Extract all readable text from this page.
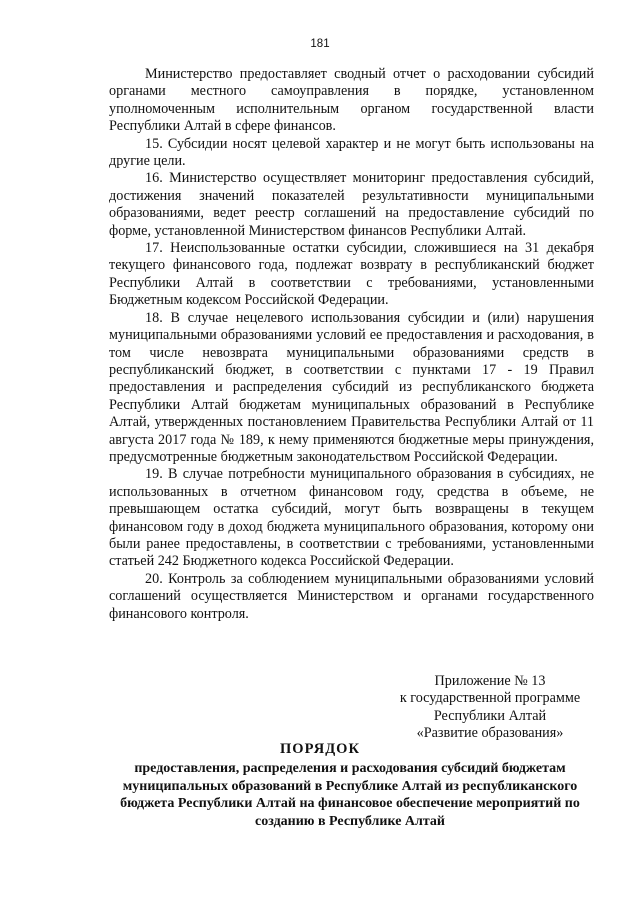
181

Министерство предоставляет сводный отчет о расходовании субсидий органами местного самоуправления в порядке, установленном уполномоченным исполнительным органом государственной власти Республики Алтай в сфере финансов.

15. Субсидии носят целевой характер и не могут быть использованы на другие цели.

16. Министерство осуществляет мониторинг предоставления субсидий, достижения значений показателей результативности муниципальными образованиями, ведет реестр соглашений на предоставление субсидий по форме, установленной Министерством финансов Республики Алтай.

17. Неиспользованные остатки субсидии, сложившиеся на 31 декабря текущего финансового года, подлежат возврату в республиканский бюджет Республики Алтай в соответствии с требованиями, установленными Бюджетным кодексом Российской Федерации.

18. В случае нецелевого использования субсидии и (или) нарушения муниципальными образованиями условий ее предоставления и расходования, в том числе невозврата муниципальными образованиями средств в республиканский бюджет, в соответствии с пунктами 17 - 19 Правил предоставления и распределения субсидий из республиканского бюджета Республики Алтай бюджетам муниципальных образований в Республике Алтай, утвержденных постановлением Правительства Республики Алтай от 11 августа 2017 года № 189, к нему применяются бюджетные меры принуждения, предусмотренные бюджетным законодательством Российской Федерации.

19. В случае потребности муниципального образования в субсидиях, не использованных в отчетном финансовом году, средства в объеме, не превышающем остатка субсидий, могут быть возвращены в текущем финансовом году в доход бюджета муниципального образования, которому они были ранее предоставлены, в соответствии с требованиями, установленными статьей 242 Бюджетного кодекса Российской Федерации.

20. Контроль за соблюдением муниципальными образованиями условий соглашений осуществляется Министерством и органами государственного финансового контроля.

Приложение № 13
к государственной программе
Республики Алтай
«Развитие образования»
ПОРЯДОК
предоставления, распределения и расходования субсидий бюджетам муниципальных образований в Республике Алтай из республиканского бюджета Республики Алтай на финансовое обеспечение мероприятий по созданию в Республике Алтай
